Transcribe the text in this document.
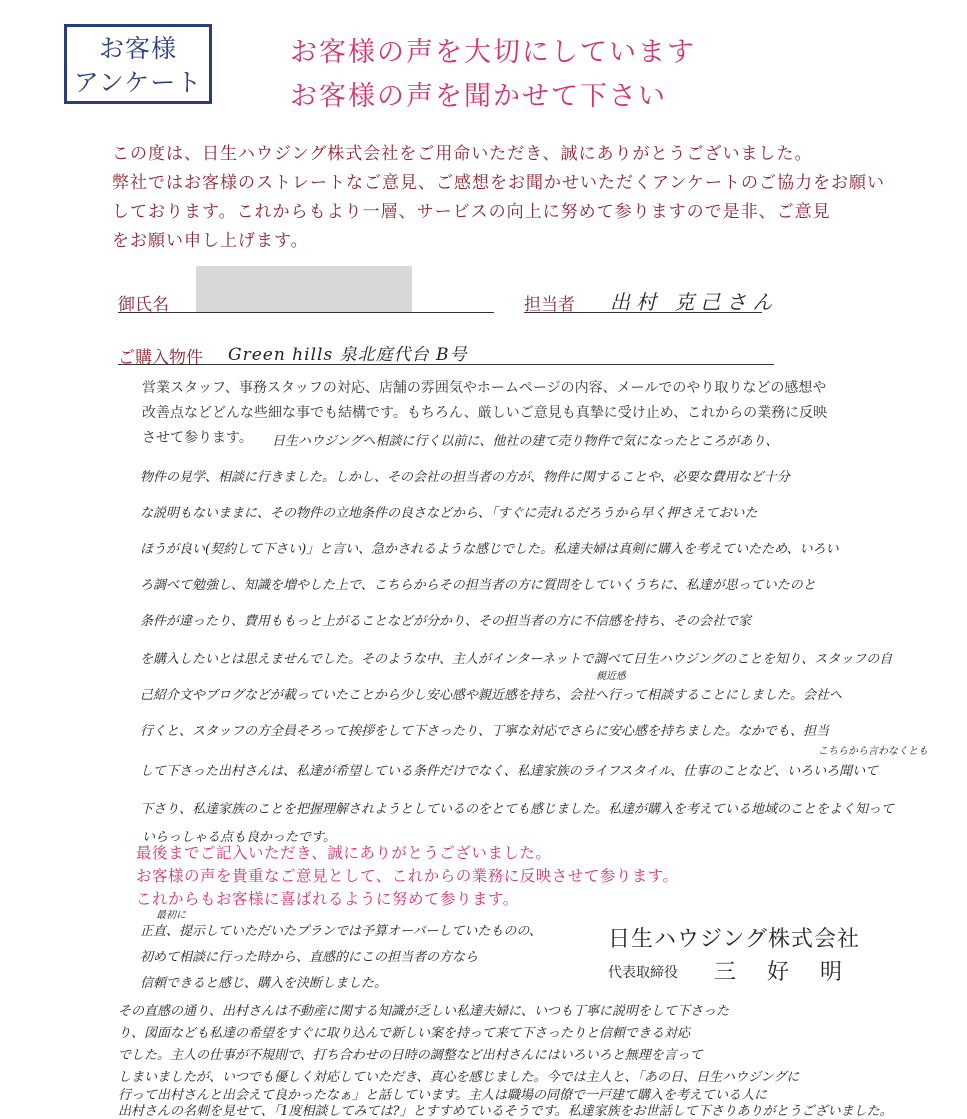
お客様
アンケート
お客様の声を大切にしています
お客様の声を聞かせて下さい
この度は、日生ハウジング株式会社をご用命いただき、誠にありがとうございました。
弊社ではお客様のストレートなご意見、ご感想をお聞かせいただくアンケートのご協力をお願い
しております。これからもより一層、サービスの向上に努めて参りますので是非、ご意見
をお願い申し上げます。
御氏名	担当者 出村 克己さん
ご購入物件 Green hills 泉北庭代台 B号
営業スタッフ、事務スタッフの対応、店舗の雰囲気やホームページの内容、メールでのやり取りなどの感想や
改善点などどんな些細な事でも結構です。もちろん、厳しいご意見も真摯に受け止め、これからの業務に反映
させて参ります。	日生ハウジングへ相談に行く以前に、他社の建て売り物件で気になったところがあり、
物件の見学、相談に行きました。しかし、その会社の担当者の方が、物件に関することや、必要な費用など十分
な説明もないままに、その物件の立地条件の良さなどから、「すぐに売れるだろうから早く押さえておいた
ほうが良い(契約して下さい)」と言い、急かされるような感じでした。私達夫婦は真剣に購入を考えていたため、いろい
ろ調べて勉強し、知識を増やした上で、こちらからその担当者の方に質問をしていくうちに、私達が思っていたのと
条件が違ったり、費用ももっと上がることなどが分かり、その担当者の方に不信感を持ち、その会社で家
を購入したいとは思えませんでした。そのような中、主人がインターネットで調べて日生ハウジングのことを知り、スタッフの自
親近感
己紹介文やブログなどが載っていたことから少し安心感や親近感を持ち、会社へ行って相談することにしました。会社へ
行くと、スタッフの方全員そろって挨拶をして下さったり、丁寧な対応でさらに安心感を持ちました。なかでも、担当
こちらから言わなくとも
して下さった出村さんは、私達が希望している条件だけでなく、私達家族のライフスタイル、仕事のことなど、いろいろ聞いて
下さり、私達家族のことを把握理解されようとしているのをとても感じました。私達が購入を考えている地域のことをよく知って
いらっしゃる点も良かったです。
最後までご記入いただき、誠にありがとうございました。
お客様の声を貴重なご意見として、これからの業務に反映させて参ります。
これからもお客様に喜ばれるように努めて参ります。
最初に
正直、提示していただいたプランでは予算オーバーしていたものの、
初めて相談に行った時から、直感的にこの担当者の方なら
信頼できると感じ、購入を決断しました。
日生ハウジング株式会社
代表取締役 三 好 明
その直感の通り、出村さんは不動産に関する知識が乏しい私達夫婦に、いつも丁寧に説明をして下さった
り、図面なども私達の希望をすぐに取り込んで新しい案を持って来て下さったりと信頼できる対応
でした。主人の仕事が不規則で、打ち合わせの日時の調整など出村さんにはいろいろと無理を言って
しまいましたが、いつでも優しく対応していただき、真心を感じました。今では主人と、「あの日、日生ハウジングに
行って出村さんと出会えて良かったなぁ」と話しています。主人は職場の同僚で一戸建て購入を考えている人に
出村さんの名刺を見せて、「1度相談してみては?」とすすめているそうです。私達家族をお世話して下さりありがとうございました。
